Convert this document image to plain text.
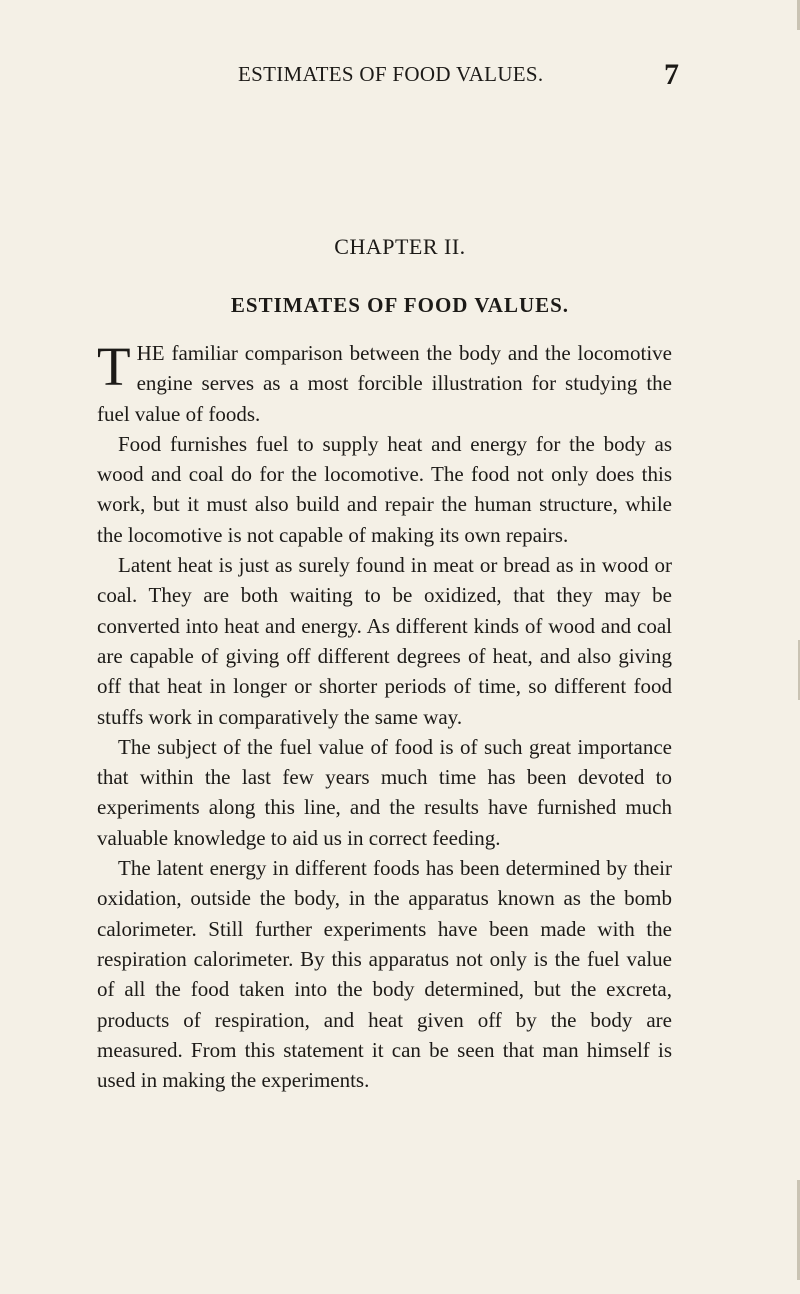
ESTIMATES OF FOOD VALUES.	7
CHAPTER II.
ESTIMATES OF FOOD VALUES.

T HE familiar comparison between the body and the locomotive engine serves as a most forcible illustration for studying the fuel value of foods.

Food furnishes fuel to supply heat and energy for the body as wood and coal do for the locomotive. The food not only does this work, but it must also build and repair the human structure, while the locomotive is not capable of making its own repairs.

Latent heat is just as surely found in meat or bread as in wood or coal. They are both waiting to be oxidized, that they may be converted into heat and energy. As different kinds of wood and coal are capable of giving off different degrees of heat, and also giving off that heat in longer or shorter periods of time, so different food stuffs work in comparatively the same way.

The subject of the fuel value of food is of such great importance that within the last few years much time has been devoted to experiments along this line, and the results have furnished much valuable knowledge to aid us in correct feeding.

The latent energy in different foods has been determined by their oxidation, outside the body, in the apparatus known as the bomb calorimeter. Still further experiments have been made with the respiration calorimeter. By this apparatus not only is the fuel value of all the food taken into the body determined, but the excreta, products of respiration, and heat given off by the body are measured. From this statement it can be seen that man himself is used in making the experiments.
